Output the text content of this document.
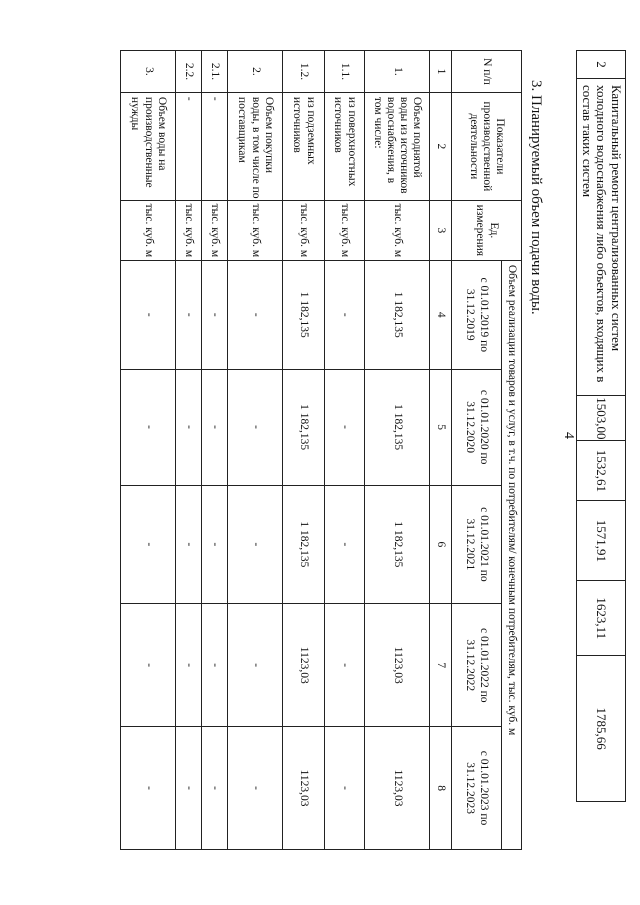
2	Капитальный ремонт централизованных систем холодного водоснабжения либо объектов, входящих в состав таких систем	1503,00	1532,61	1571,91	1623,11	1785,66
4
3. Планируемый объем подачи воды.
N п/п	Показатели производственной деятельности	Ед. измерения	Объем реализации товаров и услуг, в т.ч. по потребителям/ конечным потребителям, тыс. куб. м				
			с 01.01.2019 по 31.12.2019	с 01.01.2020 по 31.12.2020	с 01.01.2021 по 31.12.2021	с 01.01.2022 по 31.12.2022	с 01.01.2023 по 31.12.2023
1	2	3	4	5	6	7	8
1.	Объем поднятой воды из источников водоснабжения, в том числе:	тыс. куб. м	1 182,135	1 182,135	1 182,135	1123,03	1123,03
1.1.	из поверхностных источников	тыс. куб. м	-	-	-	-	-
1.2.	из подземных источников	тыс. куб. м	1 182,135	1 182,135	1 182,135	1123,03	1123,03
2.	Объем покупки воды, в том числе по поставщикам	тыс. куб. м	-	-	-	-	-
2.1.	-	тыс. куб. м	-	-	-	-	-
2.2.	-	тыс. куб. м	-	-	-	-	-
3.	Объем воды на производственные нужды	тыс. куб. м	-	-	-	-	-
